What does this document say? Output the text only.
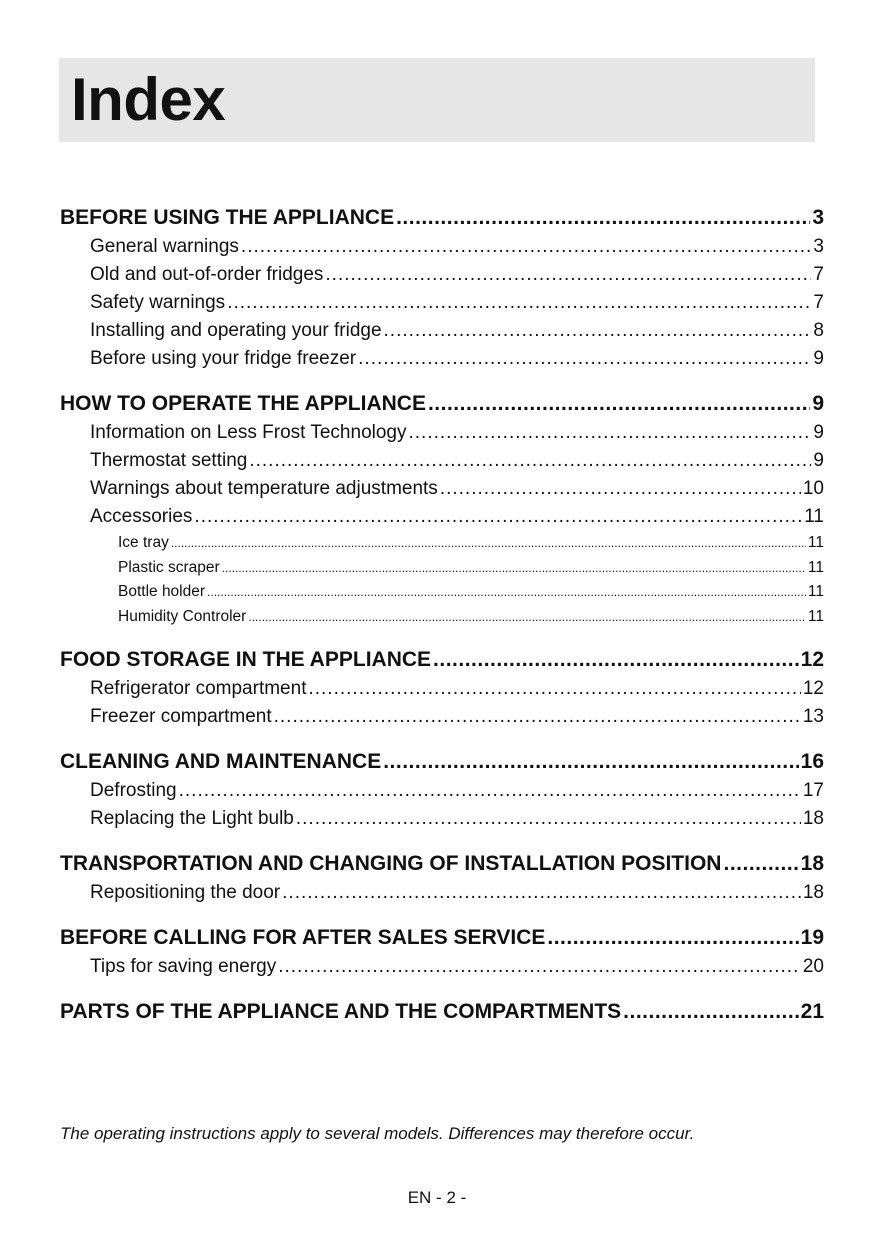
Index
BEFORE USING THE APPLIANCE .....	3
General warnings .....	3
Old and out-of-order fridges .....	7
Safety warnings .....	7
Installing and operating your fridge .....	8
Before using your fridge freezer .....	9
HOW TO OPERATE THE APPLIANCE .....	9
Information on Less Frost Technology .....	9
Thermostat setting .....	9
Warnings about temperature adjustments .....	10
Accessories .....	11
Ice tray .....	11
Plastic scraper .....	11
Bottle holder .....	11
Humidity Controler .....	11
FOOD STORAGE IN THE APPLIANCE .....	12
Refrigerator compartment .....	12
Freezer compartment .....	13
CLEANING AND MAINTENANCE .....	16
Defrosting .....	17
Replacing the Light bulb .....	18
TRANSPORTATION AND CHANGING OF INSTALLATION POSITION .....	18
Repositioning the door .....	18
BEFORE CALLING FOR AFTER SALES SERVICE .....	19
Tips for saving energy .....	20
PARTS OF THE APPLIANCE AND THE COMPARTMENTS .....	21
The operating instructions apply to several models. Differences may therefore occur.
EN - 2 -
